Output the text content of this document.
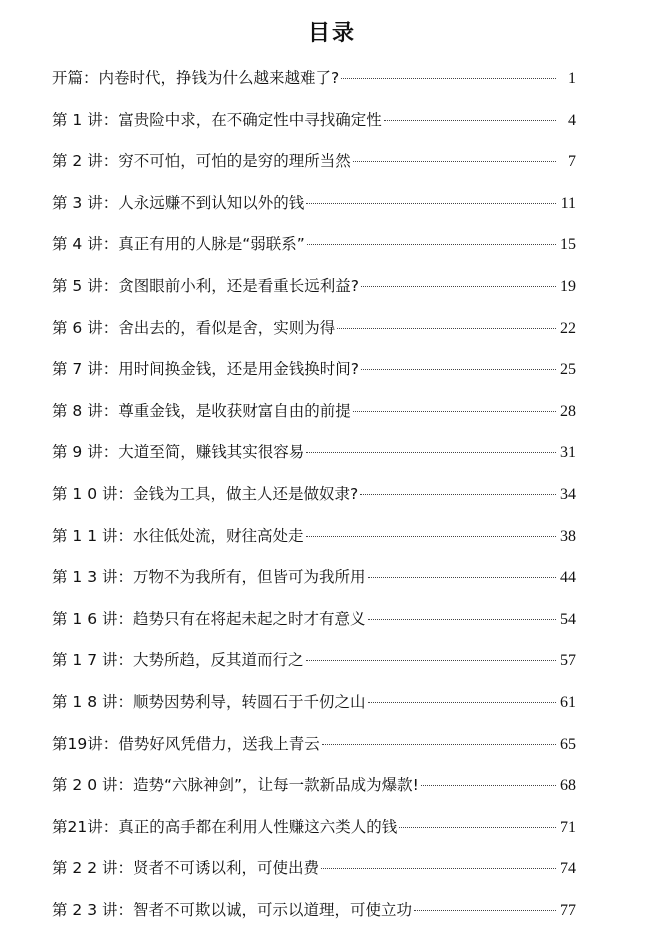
目录
开篇：内卷时代，挣钱为什么越来越难了?	1
第 1 讲：富贵险中求，在不确定性中寻找确定性	4
第 2 讲：穷不可怕，可怕的是穷的理所当然	7
第 3 讲：人永远赚不到认知以外的钱	11
第 4 讲：真正有用的人脉是“弱联系”	15
第 5 讲：贪图眼前小利，还是看重长远利益?	19
第 6 讲：舍出去的，看似是舍，实则为得	22
第 7 讲：用时间换金钱，还是用金钱换时间?	25
第 8 讲：尊重金钱，是收获财富自由的前提	28
第 9 讲：大道至简，赚钱其实很容易	31
第 1 0 讲：金钱为工具，做主人还是做奴隶?	34
第 1 1 讲：水往低处流，财往高处走	38
第 1 3 讲：万物不为我所有，但皆可为我所用	44
第 1 6 讲：趋势只有在将起未起之时才有意义	54
第 1 7 讲：大势所趋，反其道而行之	57
第 1 8 讲：顺势因势利导，转圆石于千仞之山	61
第19讲：借势好风凭借力，送我上青云	65
第 2 0 讲：造势“六脉神剑”，让每一款新品成为爆款!	68
第21讲：真正的高手都在利用人性赚这六类人的钱	71
第 2 2 讲：贤者不可诱以利，可使出费	74
第 2 3 讲：智者不可欺以诚，可示以道理，可使立功	77
